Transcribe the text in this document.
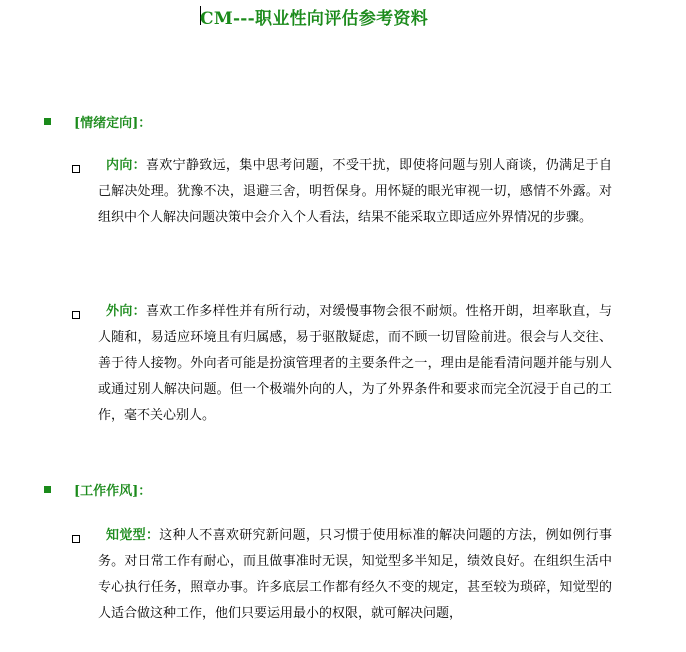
CM---职业性向评估参考资料
[情绪定向]：
内向：喜欢宁静致远，集中思考问题，不受干扰，即使将问题与别人商谈，仍满足于自己解决处理。犹豫不决，退避三舍，明哲保身。用怀疑的眼光审视一切，感情不外露。对组织中个人解决问题决策中会介入个人看法，结果不能采取立即适应外界情况的步骤。
外向：喜欢工作多样性并有所行动，对缓慢事物会很不耐烦。性格开朗，坦率耿直，与人随和，易适应环境且有归属感，易于驱散疑虑，而不顾一切冒险前进。很会与人交往、善于待人接物。外向者可能是扮演管理者的主要条件之一，理由是能看清问题并能与别人或通过别人解决问题。但一个极端外向的人，为了外界条件和要求而完全沉浸于自己的工作，毫不关心别人。
[工作作风]：
知觉型：这种人不喜欢研究新问题，只习惯于使用标准的解决问题的方法，例如例行事务。对日常工作有耐心，而且做事准时无误，知觉型多半知足，绩效良好。在组织生活中专心执行任务，照章办事。许多底层工作都有经久不变的规定，甚至较为琐碎，知觉型的人适合做这种工作，他们只要运用最小的权限，就可解决问题，
